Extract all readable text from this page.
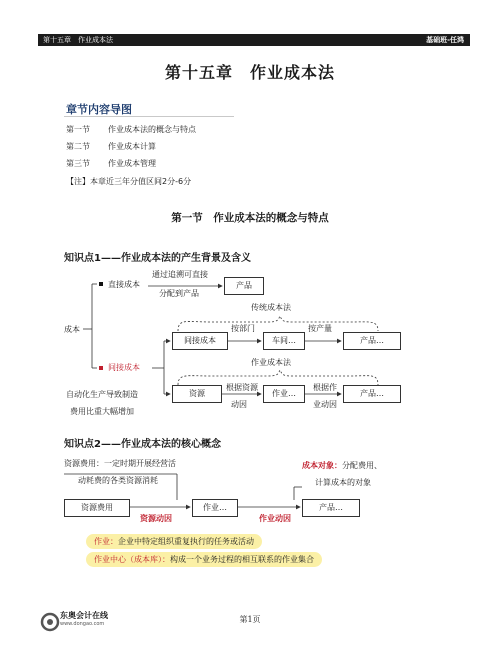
第十五章　作业成本法	基础班-任鸿
第十五章　作业成本法
章节内容导图
第一节 作业成本法的概念与特点
第二节 作业成本计算
第三节 作业成本管理
【注】本章近三年分值区间2分-6分
第一节　作业成本法的概念与特点
知识点1——作业成本法的产生背景及含义
成本
直接成本
通过追溯可直接
分配到产品
产品
间接成本
自动化生产导致制造
费用比重大幅增加
传统成本法
间接成本
按部门
车间…
按产量
产品…
作业成本法
资源
根据资源
动因
作业…
根据作
业动因
产品…
知识点2——作业成本法的核心概念
资源费用：一定时期开展经营活
动耗费的各类资源消耗
成本对象：分配费用、
计算成本的对象
资源费用	作业…	产品…
资源动因	作业动因
作业：企业中特定组织重复执行的任务或活动
作业中心（成本库）：构成一个业务过程的相互联系的作业集合
东奥会计在线
www.dongao.com	第1页
